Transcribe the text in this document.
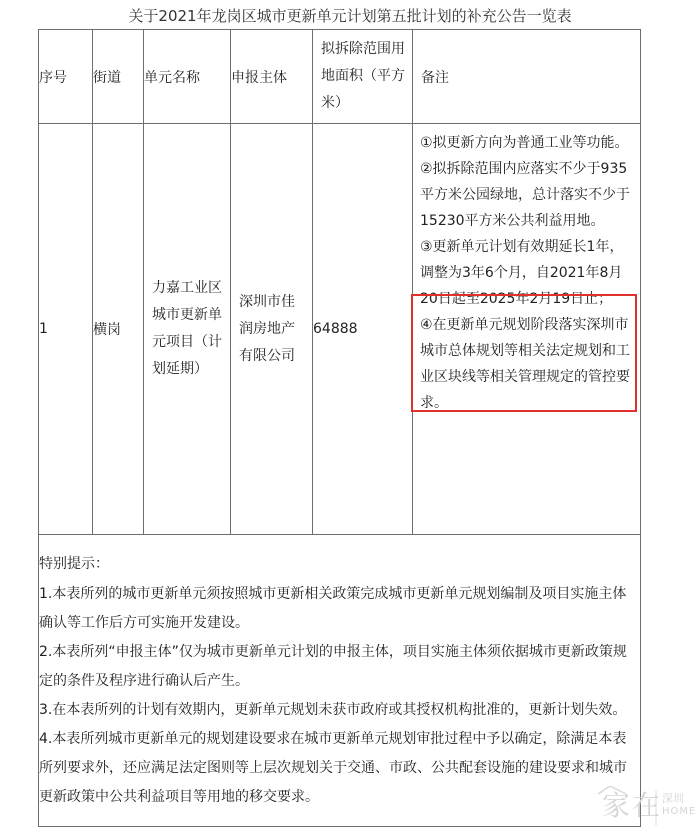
关于2021年龙岗区城市更新单元计划第五批计划的补充公告一览表
序号	街道	单元名称	申报主体	拟拆除范围用地面积（平方米）	备注
1	横岗	力嘉工业区城市更新单元项目（计划延期）	深圳市佳润房地产有限公司	64888	①拟更新方向为普通工业等功能。

②拟拆除范围内应落实不少于935平方米公园绿地，总计落实不少于15230平方米公共利益用地。

③更新单元计划有效期延长1年，调整为3年6个月，自2021年8月20日起至2025年2月19日止；

④在更新单元规划阶段落实深圳市城市总体规划等相关法定规划和工业区块线等相关管理规定的管控要求。

特别提示：

1.本表所列的城市更新单元须按照城市更新相关政策完成城市更新单元规划编制及项目实施主体确认等工作后方可实施开发建设。

2.本表所列“申报主体”仅为城市更新单元计划的申报主体，项目实施主体须依据城市更新政策规定的条件及程序进行确认后产生。

3.在本表所列的计划有效期内，更新单元规划未获市政府或其授权机构批准的，更新计划失效。

4.本表所列城市更新单元的规划建设要求在城市更新单元规划审批过程中予以确定，除满足本表所列要求外，还应满足法定图则等上层次规划关于交通、市政、公共配套设施的建设要求和城市更新政策中公共利益项目等用地的移交要求。						家在 深圳
HOME
